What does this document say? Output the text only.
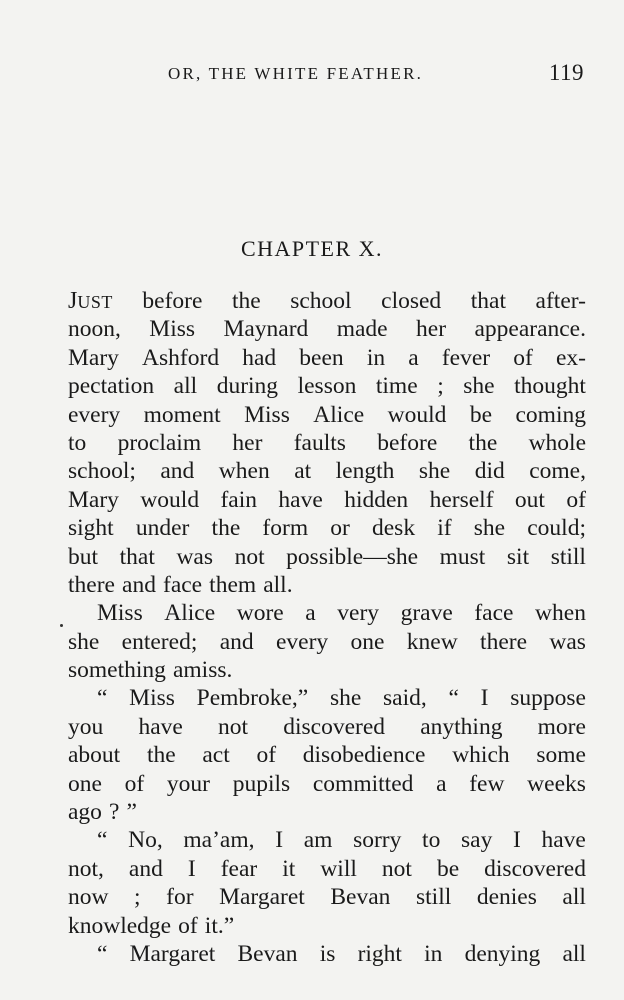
OR, THE WHITE FEATHER.	119
CHAPTER X.
JUST before the school closed that after-
noon, Miss Maynard made her appearance.
Mary Ashford had been in a fever of ex-
pectation all during lesson time ; she thought
every moment Miss Alice would be coming
to proclaim her faults before the whole
school; and when at length she did come,
Mary would fain have hidden herself out of
sight under the form or desk if she could;
but that was not possible—she must sit still
there and face them all.
Miss Alice wore a very grave face when
she entered; and every one knew there was
something amiss.
“ Miss Pembroke,” she said, “ I suppose
you have not discovered anything more
about the act of disobedience which some
one of your pupils committed a few weeks
ago ? ”
“ No, ma’am, I am sorry to say I have
not, and I fear it will not be discovered
now ; for Margaret Bevan still denies all
knowledge of it.”
“ Margaret Bevan is right in denying all
